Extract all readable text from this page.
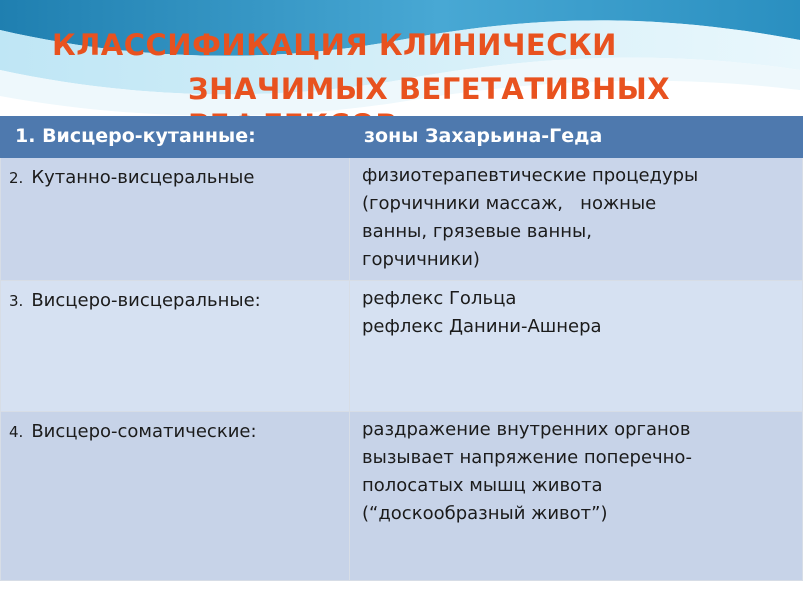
КЛАССИФИКАЦИЯ КЛИНИЧЕСКИ
ЗНАЧИМЫХ ВЕГЕТАТИВНЫХ
1. Висцеро-кутанные:	зоны Захарьина-Геда

2. Кутанно-висцеральные	физиотерапевтические процедуры
(горчичники массаж,   ножные
ванны, грязевые ванны,
горчичники)

3. Висцеро-висцеральные:	рефлекс Гольца
рефлекс Данини-Ашнера

4. Висцеро-соматические:	раздражение внутренних органов
вызывает напряжение поперечно-
полосатых мышц живота
(“доскообразный живот”)
